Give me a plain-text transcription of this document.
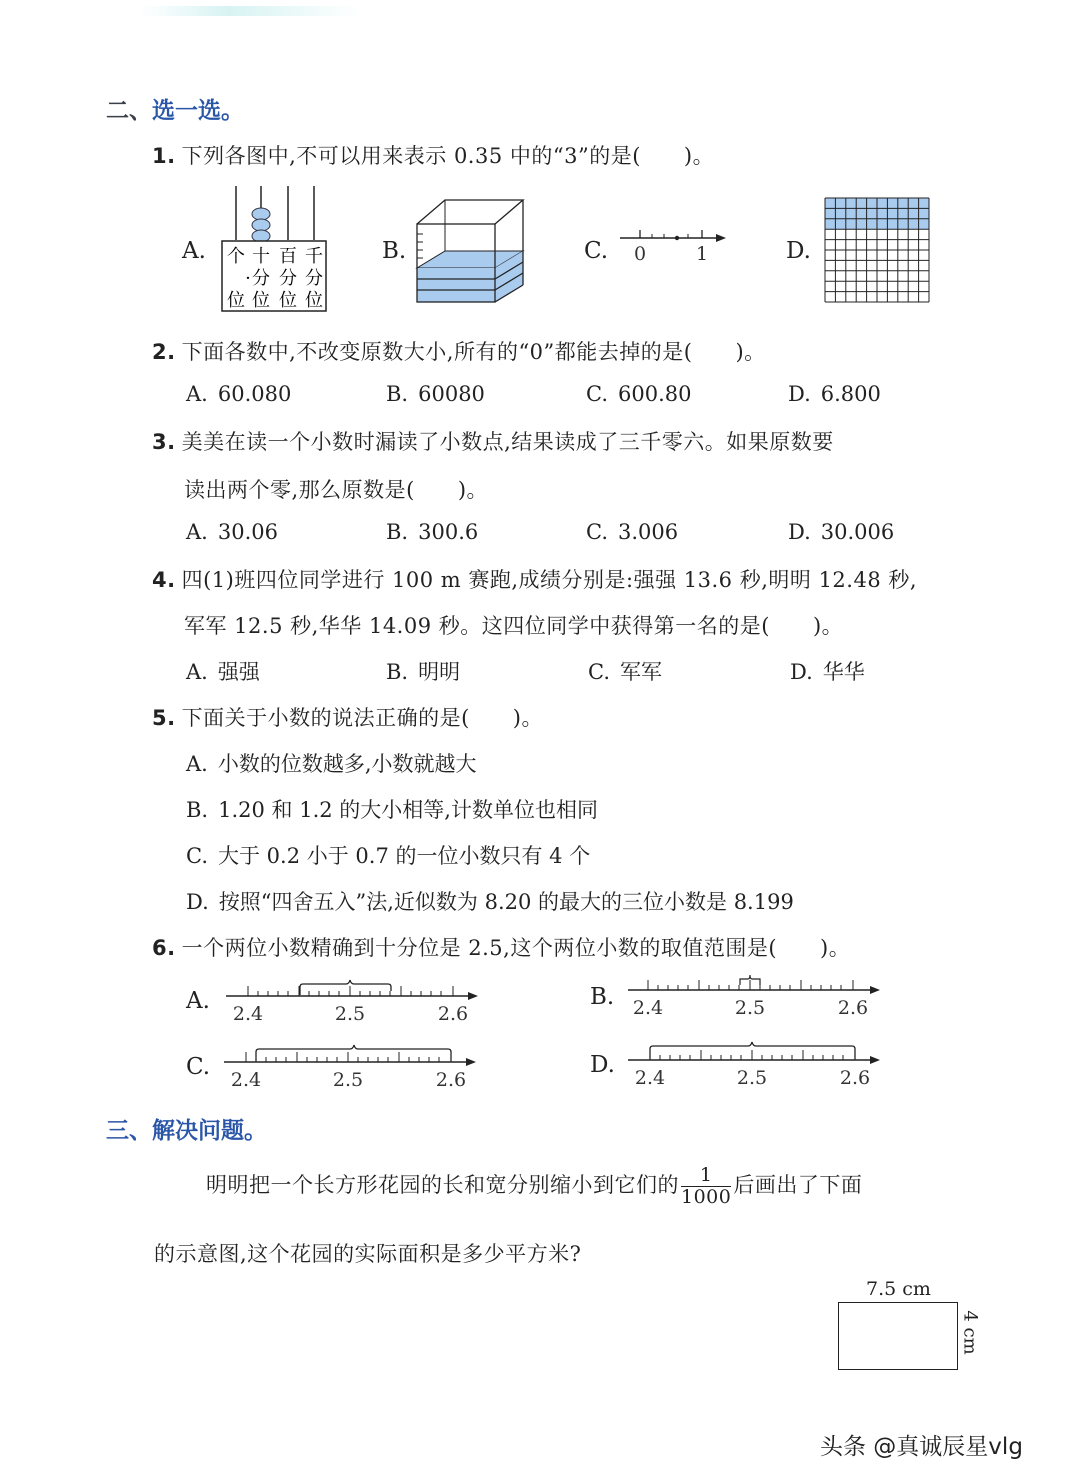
二、选一选。
1. 下列各图中,不可以用来表示 0.35 中的“3”的是(　　)。
A. 个 十 百 千
· 分 分 分
位 位 位 位
B.	C. 0	1	D.
2. 下面各数中,不改变原数大小,所有的“0”都能去掉的是(　　)。
A. 60.080	B. 60080	C. 600.80	D. 6.800
3. 美美在读一个小数时漏读了小数点,结果读成了三千零六。如果原数要
读出两个零,那么原数是(　　)。
A. 30.06	B. 300.6	C. 3.006	D. 30.006
4. 四(1)班四位同学进行 100 m 赛跑,成绩分别是:强强 13.6 秒,明明 12.48 秒,
军军 12.5 秒,华华 14.09 秒。这四位同学中获得第一名的是(　　)。
A. 强强	B. 明明	C. 军军	D. 华华
5. 下面关于小数的说法正确的是(　　)。
A. 小数的位数越多,小数就越大
B. 1.20 和 1.2 的大小相等,计数单位也相同
C. 大于 0.2 小于 0.7 的一位小数只有 4 个
D. 按照“四舍五入”法,近似数为 8.20 的最大的三位小数是 8.199
6. 一个两位小数精确到十分位是 2.5,这个两位小数的取值范围是(　　)。
A. 2.4	2.5	2.6
B. 2.4	2.5	2.6
C. 2.4	2.5	2.6
D. 2.4	2.5	2.6
三、解决问题。
明明把一个长方形花园的长和宽分别缩小到它们的 $\frac{1}{1000}$ 后画出了下面
的示意图,这个花园的实际面积是多少平方米?
7.5 cm
4 cm
头条 @真诚辰星vlg
